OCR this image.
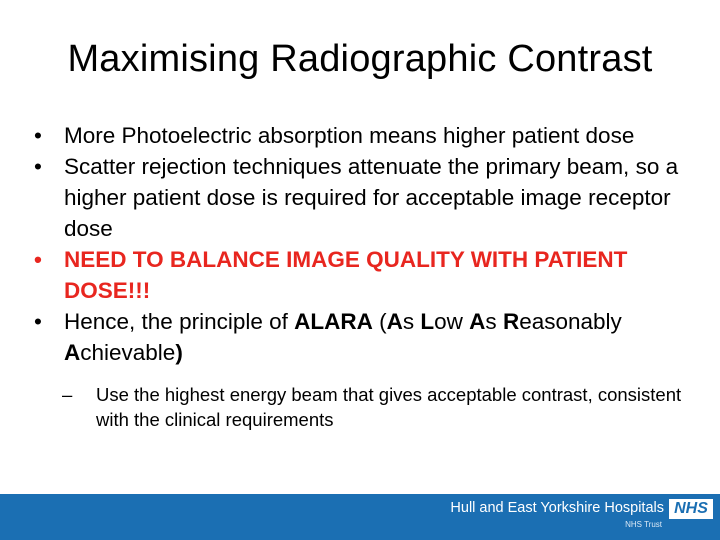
Maximising Radiographic Contrast

• More Photoelectric absorption means higher patient dose

• Scatter rejection techniques attenuate the primary beam, so a higher patient dose is required for acceptable image receptor dose

• NEED TO BALANCE IMAGE QUALITY WITH PATIENT DOSE!!!

• Hence, the principle of ALARA (As Low As Reasonably Achievable)

– Use the highest energy beam that gives acceptable contrast, consistent with the clinical requirements

Hull and East Yorkshire Hospitals
NHS Trust
NHS
